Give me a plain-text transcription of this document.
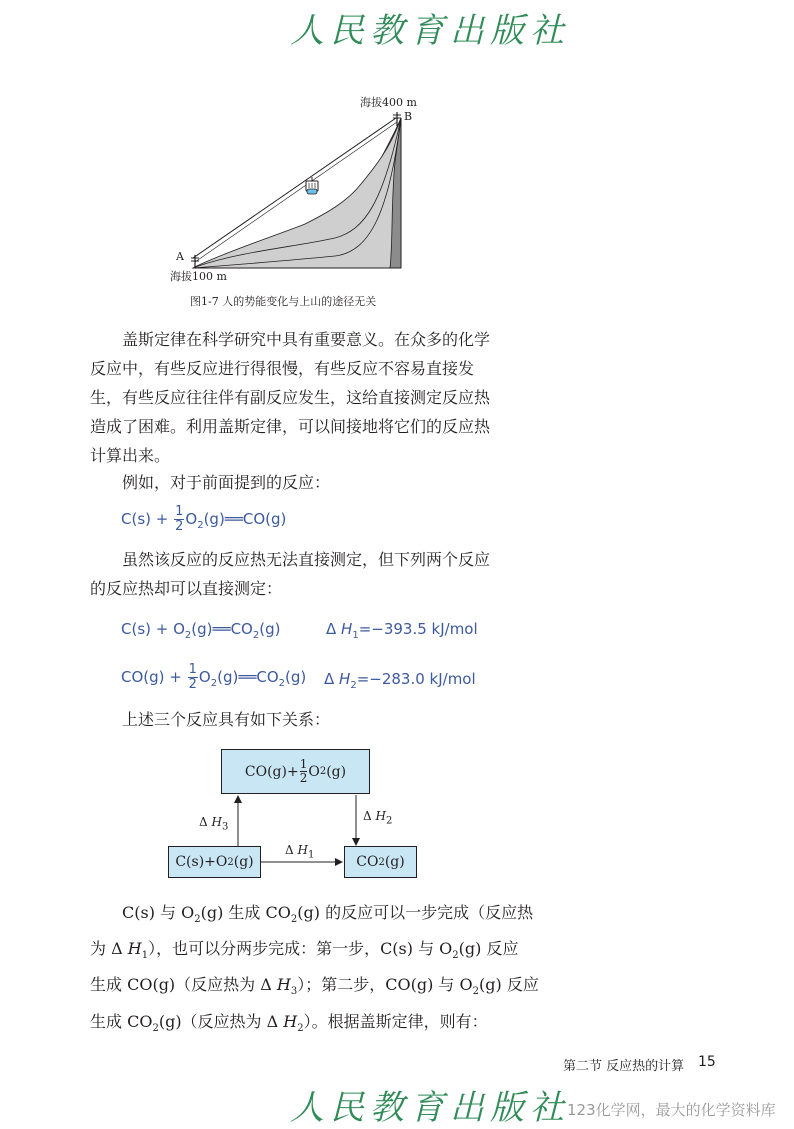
人民教育出版社
海拔400 m
B
A
海拔100 m
图1-7 人的势能变化与上山的途径无关

盖斯定律在科学研究中具有重要意义。在众多的化学反应中，有些反应进行得很慢，有些反应不容易直接发生，有些反应往往伴有副反应发生，这给直接测定反应热造成了困难。利用盖斯定律，可以间接地将它们的反应热计算出来。

例如，对于前面提到的反应：

$C(s) + \frac{1}{2}$ $O_2(g)══CO(g)$

虽然该反应的反应热无法直接测定，但下列两个反应的反应热却可以直接测定：

$C(s) + O_2(g)══CO_2(g)$	Δ $H_1=-393.5$ kJ/mol
$CO(g) + \frac{1}{2}$ $O_2(g)══CO_2(g)$ Δ $H_2=-283.0$ kJ/mol

上述三个反应具有如下关系：

$CO(g)+ \frac{1}{2}$ O 2 (g)
C(s)+O 2 (g)	CO 2 (g)
Δ $H_3$
Δ $H_2$
Δ $H_1$
C(s) 与 $O_2(g)$ 生成 $CO_2(g)$ 的反应可以一步完成（反应热
为 Δ $H_1$），也可以分两步完成：第一步，C(s) 与 $O_2(g)$ 反应
生成 CO(g)（反应热为 Δ $H_3$）；第二步，CO(g) 与 $O_2(g)$ 反应
生成 $CO_2(g)$（反应热为 Δ $H_2$）。根据盖斯定律，则有：
第二节 反应热的计算 15
人民教育出版社
123化学网，最大的化学资料库
